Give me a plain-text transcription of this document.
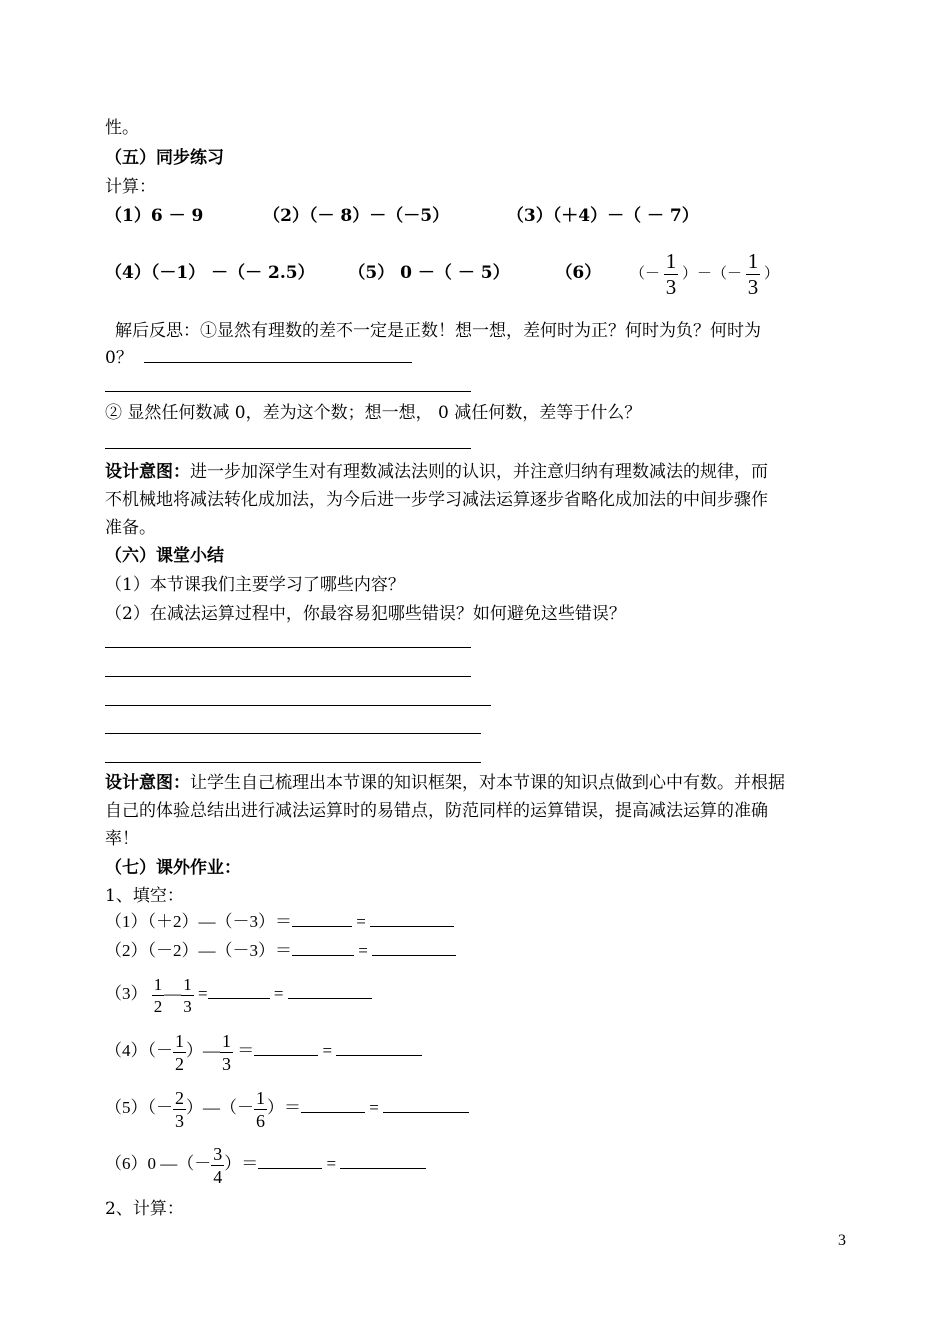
性。
（五）同步练习
计算：
（1）6 － 9	（2）（－ 8）－（－5）	（3）（＋4）－（ － 7）
（4）（－1） －（－ 2.5） （5） 0 －（ － 5）	（6） （－ $\frac{1}{3}$ ）－（－ $\frac{1}{3}$ ）
解后反思：①显然有理数的差不一定是正数！想一想，差何时为正？何时为负？何时为
0？
② 显然任何数减 0，差为这个数；想一想， 0 减任何数，差等于什么？
设计意图：进一步加深学生对有理数减法法则的认识，并注意归纳有理数减法的规律，而
不机械地将减法转化成加法，为今后进一步学习减法运算逐步省略化成加法的中间步骤作
准备。
（六）课堂小结
（1）本节课我们主要学习了哪些内容？
（2）在减法运算过程中，你最容易犯哪些错误？如何避免这些错误？
设计意图：让学生自己梳理出本节课的知识框架，对本节课的知识点做到心中有数。并根据
自己的体验总结出进行减法运算时的易错点，防范同样的运算错误，提高减法运算的准确
率！
（七）课外作业：
1、填空：
（1）（＋2）—（－3）＝	=
（2）（－2）—（－3）＝	=
$(3) \frac{1}{2}$ — $\frac{1}{3}$ =	=
$(4)(- \frac{1}{2}$ ）— $\frac{1}{3}$ ＝	=
$(5)(- \frac{2}{3}$ ）—（－ $\frac{1}{6}$ ）＝	=
（6）0 —（－ $\frac{3}{4}$ ）＝	=
2、计算：
3
